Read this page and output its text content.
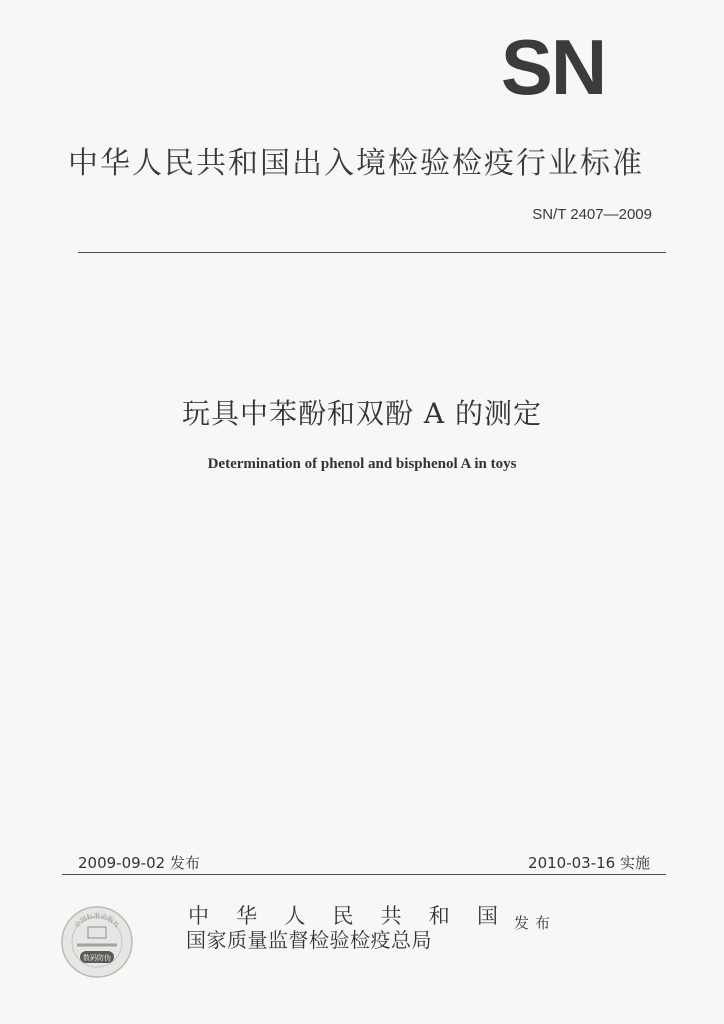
SN
中华人民共和国出入境检验检疫行业标准
SN/T 2407—2009
玩具中苯酚和双酚 A 的测定
Determination of phenol and bisphenol A in toys
2009-09-02 发布	2010-03-16 实施
中国标准出版社
数码防伪
中 华 人 民 共 和 国
国家质量监督检验检疫总局
发布
